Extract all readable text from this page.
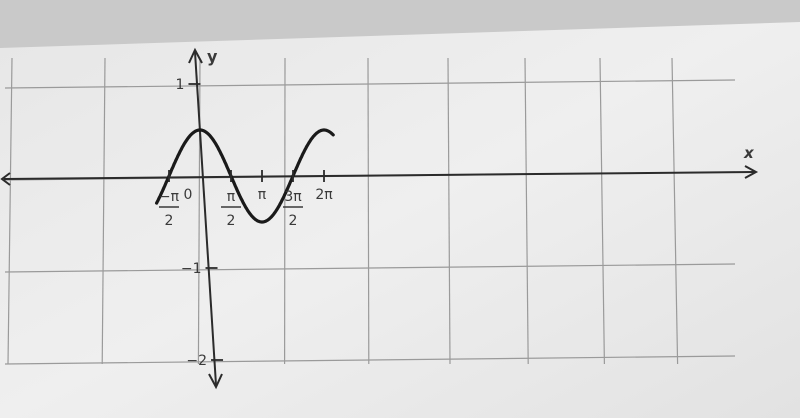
x
y
−π
2
0 π
2
π 3π
2
2π
1
−1
−2
